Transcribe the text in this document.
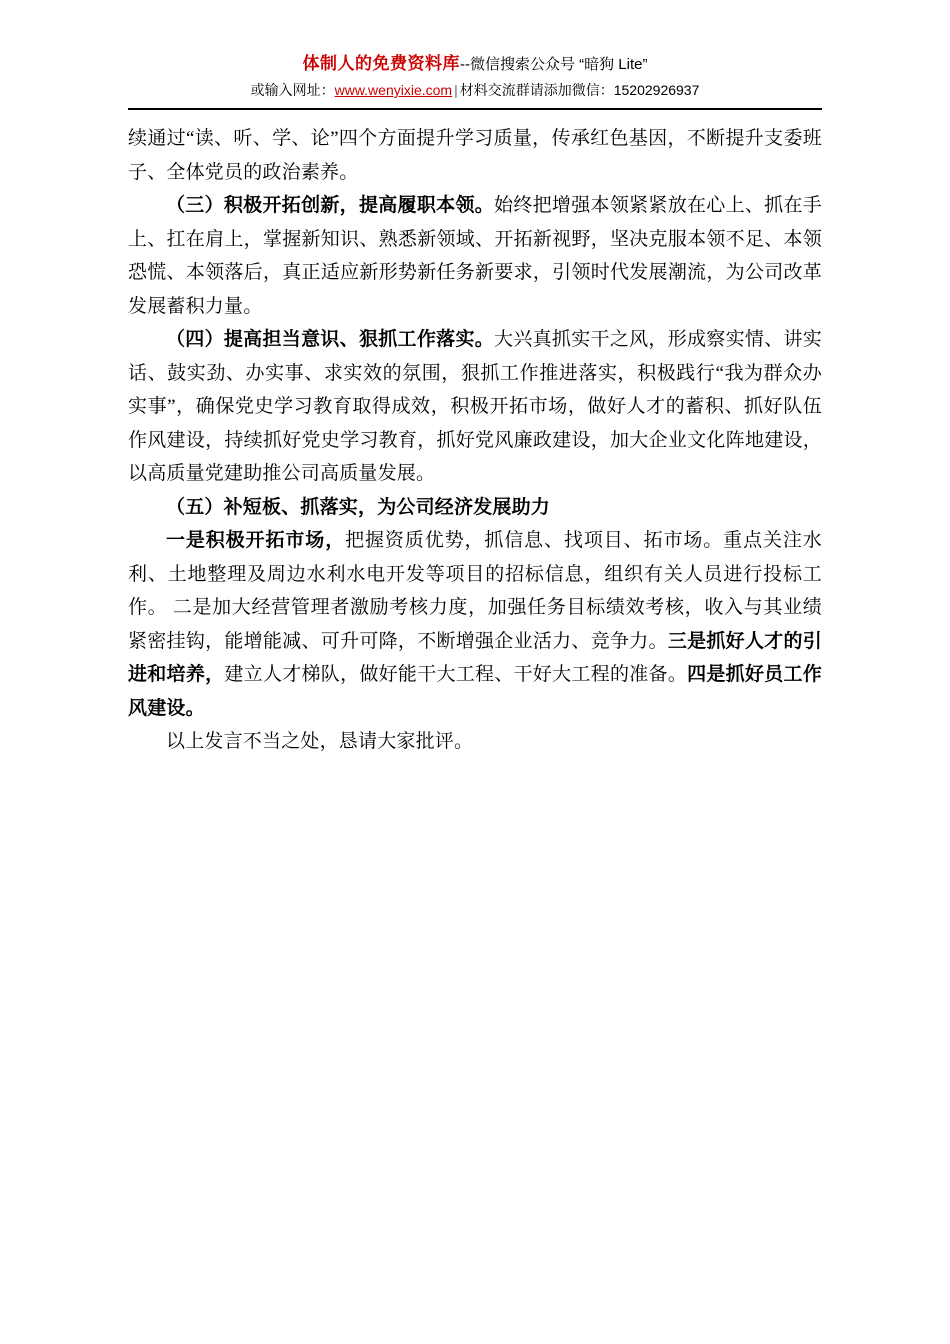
体制人的免费资料库--微信搜索公众号 “暗狗 Lite”
或输入网址：www.wenyixie.com | 材料交流群请添加微信：15202926937

续通过“读、听、学、论”四个方面提升学习质量，传承红色基因，不断提升支委班子、全体党员的政治素养。

（三）积极开拓创新，提高履职本领。始终把增强本领紧紧放在心上、抓在手上、扛在肩上，掌握新知识、熟悉新领域、开拓新视野，坚决克服本领不足、本领恐慌、本领落后，真正适应新形势新任务新要求，引领时代发展潮流，为公司改革发展蓄积力量。

（四）提高担当意识、狠抓工作落实。大兴真抓实干之风，形成察实情、讲实话、鼓实劲、办实事、求实效的氛围，狠抓工作推进落实，积极践行“我为群众办实事”，确保党史学习教育取得成效，积极开拓市场，做好人才的蓄积、抓好队伍作风建设，持续抓好党史学习教育，抓好党风廉政建设，加大企业文化阵地建设，以高质量党建助推公司高质量发展。

（五）补短板、抓落实，为公司经济发展助力

一是积极开拓市场，把握资质优势，抓信息、找项目、拓市场。重点关注水利、土地整理及周边水利水电开发等项目的招标信息，组织有关人员进行投标工作。 二是加大经营管理者激励考核力度，加强任务目标绩效考核，收入与其业绩紧密挂钩，能增能减、可升可降，不断增强企业活力、竞争力。三是抓好人才的引进和培养，建立人才梯队，做好能干大工程、干好大工程的准备。四是抓好员工作风建设。

以上发言不当之处，恳请大家批评。
